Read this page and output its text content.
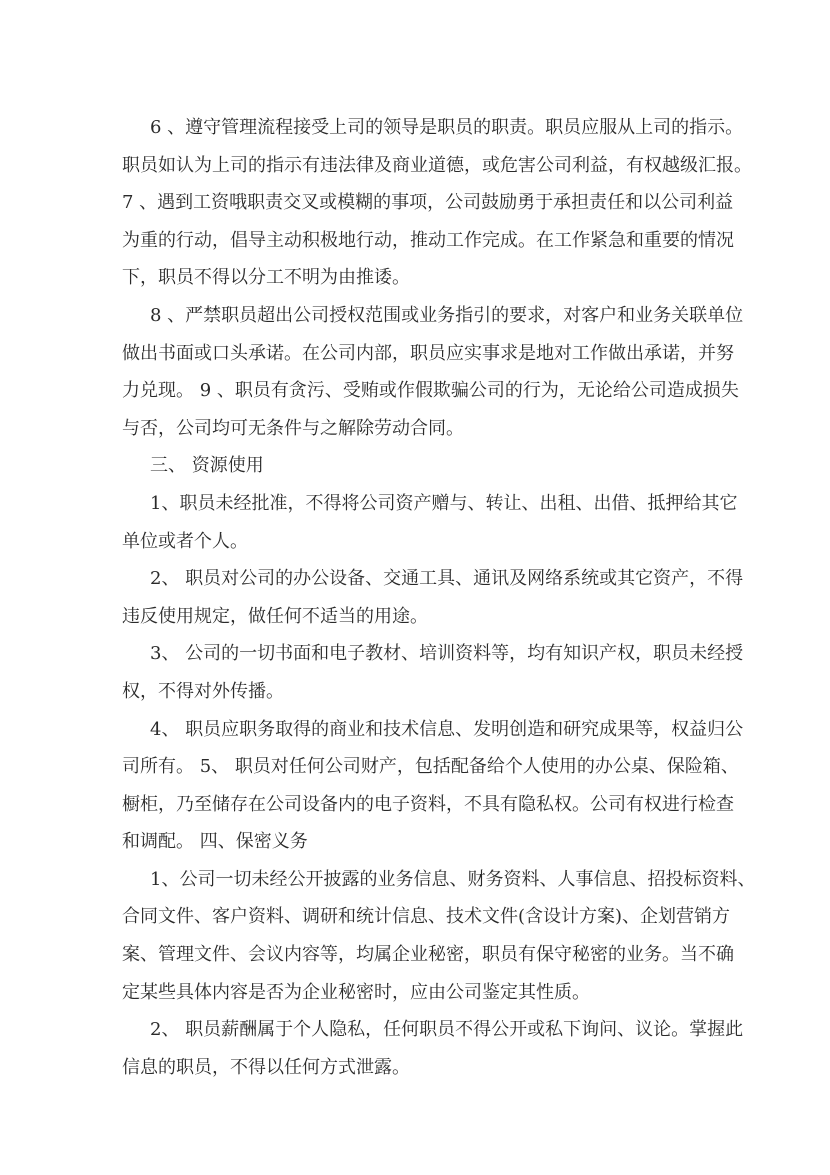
6 、遵守管理流程接受上司的领导是职员的职责。职员应服从上司的指示。
职员如认为上司的指示有违法律及商业道德，或危害公司利益，有权越级汇报。
7 、遇到工资哦职责交叉或模糊的事项，公司鼓励勇于承担责任和以公司利益
为重的行动，倡导主动积极地行动，推动工作完成。在工作紧急和重要的情况
下，职员不得以分工不明为由推诿。
8 、严禁职员超出公司授权范围或业务指引的要求，对客户和业务关联单位
做出书面或口头承诺。在公司内部，职员应实事求是地对工作做出承诺，并努
力兑现。 9 、职员有贪污、受贿或作假欺骗公司的行为，无论给公司造成损失
与否，公司均可无条件与之解除劳动合同。
三、 资源使用
1、职员未经批准，不得将公司资产赠与、转让、出租、出借、抵押给其它
单位或者个人。
2、 职员对公司的办公设备、交通工具、通讯及网络系统或其它资产，不得
违反使用规定，做任何不适当的用途。
3、 公司的一切书面和电子教材、培训资料等，均有知识产权，职员未经授
权，不得对外传播。
4、 职员应职务取得的商业和技术信息、发明创造和研究成果等，权益归公
司所有。 5、 职员对任何公司财产，包括配备给个人使用的办公桌、保险箱、
橱柜，乃至储存在公司设备内的电子资料，不具有隐私权。公司有权进行检查
和调配。 四、保密义务
1、公司一切未经公开披露的业务信息、财务资料、人事信息、招投标资料、
合同文件、客户资料、调研和统计信息、技术文件(含设计方案)、企划营销方
案、管理文件、会议内容等，均属企业秘密，职员有保守秘密的业务。当不确
定某些具体内容是否为企业秘密时，应由公司鉴定其性质。
2、 职员薪酬属于个人隐私，任何职员不得公开或私下询问、议论。掌握此
信息的职员，不得以任何方式泄露。
